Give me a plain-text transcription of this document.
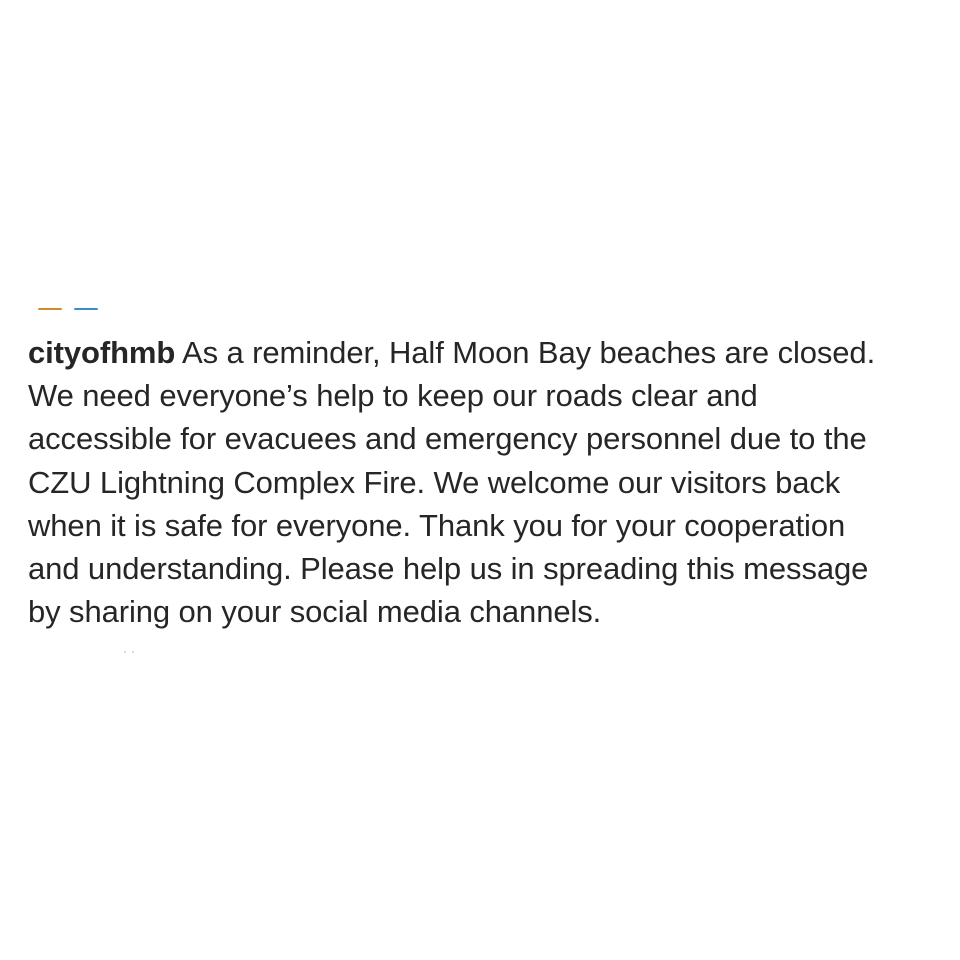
cityofhmb As a reminder, Half Moon Bay beaches are closed.
We need everyone’s help to keep our roads clear and
accessible for evacuees and emergency personnel due to the
CZU Lightning Complex Fire. We welcome our visitors back
when it is safe for everyone. Thank you for your cooperation
and understanding. Please help us in spreading this message
by sharing on your social media channels.
